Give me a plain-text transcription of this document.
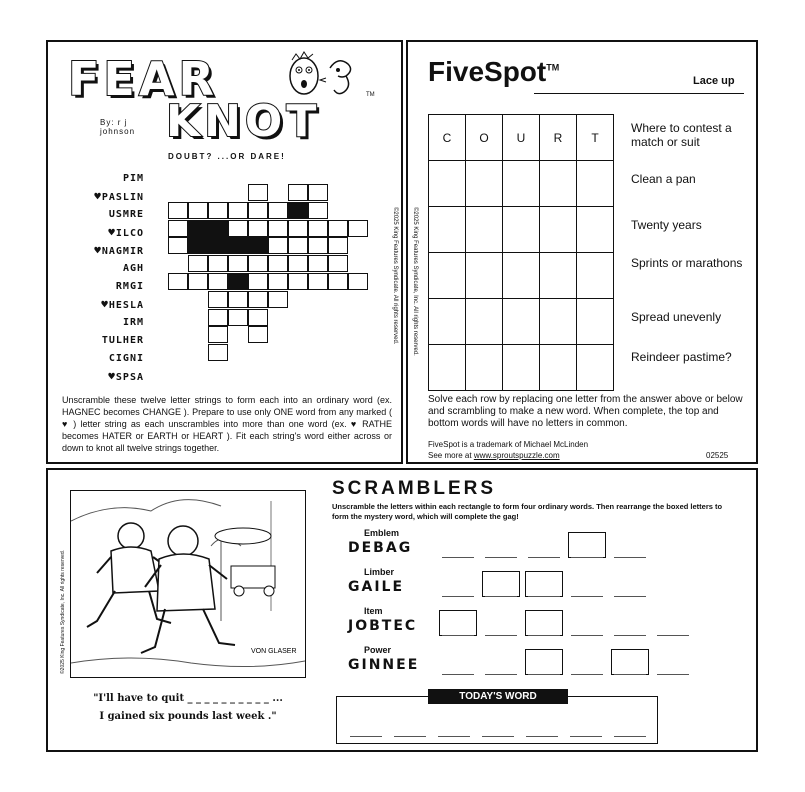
FEAR
KNOT
TM
By: r j
johnson
DOUBT? ...OR DARE!
PIM
♥PASLIN
USMRE
♥ILCO
♥NAGMIR
AGH
RMGI
♥HESLA
IRM
TULHER
CIGNI
♥SPSA
©2025 King Features Syndicate. All rights reserved.
Unscramble these twelve letter strings to form each into an ordinary word (ex. HAGNEC becomes CHANGE ). Prepare to use only ONE word from any marked ( ♥ ) letter string as each unscrambles into more than one word (ex. ♥ RATHE becomes HATER or EARTH or HEART ). Fit each string's word either across or down to knot all twelve strings together.
FiveSpot™
Lace up
C	O	U	R	T

Where to contest a match or suit
Clean a pan
Twenty years
Sprints or marathons
Spread unevenly
Reindeer pastime?
©2025 King Features Syndicate, Inc. All rights reserved.
Solve each row by replacing one letter from the answer above or below and scrambling to make a new word. When complete, the top and bottom words will have no letters in common.
FiveSpot is a trademark of Michael McLinden
See more at www.sproutspuzzle.com	02525
VON GLASER
©2025 King Features Syndicate, Inc. All rights reserved.
"I'll have to quit _ _ _ _ _ _ _ _ _ _ ...
I gained six pounds last week ."
SCRAMBLERS
Unscramble the letters within each rectangle to form four ordinary words. Then rearrange the boxed letters to form the mystery word, which will complete the gag!
Emblem
DEBAG
Limber
GAILE
Item
JOBTEC
Power
GINNEE
TODAY'S WORD
